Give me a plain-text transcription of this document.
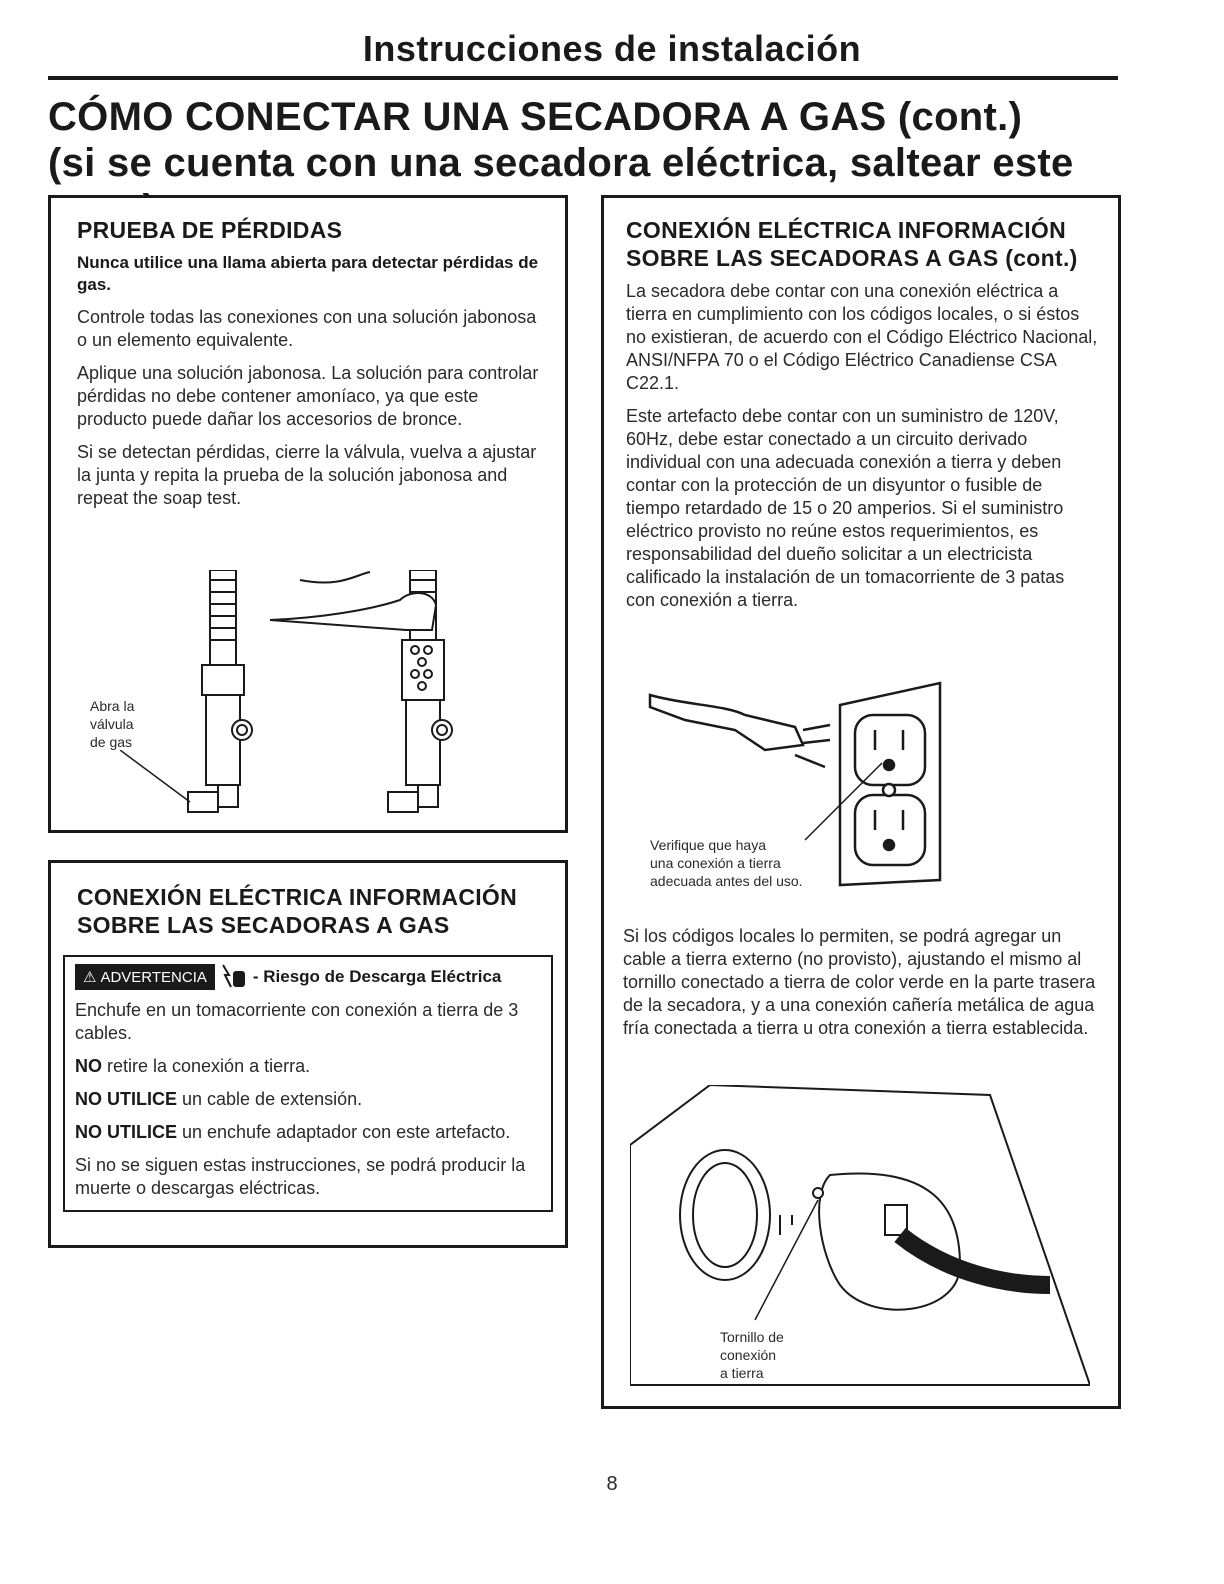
Instrucciones de instalación
CÓMO CONECTAR UNA SECADORA A GAS (cont.)
(si se cuenta con una secadora eléctrica, saltear este
PRUEBA DE PÉRDIDAS
Nunca utilice una llama abierta para detectar pérdidas de gas.

Controle todas las conexiones con una solución jabonosa o un elemento equivalente.

Aplique una solución jabonosa. La solución para controlar pérdidas no debe contener amoníaco, ya que este producto puede dañar los accesorios de bronce.

Si se detectan pérdidas, cierre la válvula, vuelva a ajustar la junta y repita la prueba de la solución jabonosa and repeat the soap test.

Abra la
válvula
de gas
CONEXIÓN ELÉCTRICA INFORMACIÓN
SOBRE LAS SECADORAS A GAS
⚠ ADVERTENCIA	- Riesgo de Descarga Eléctrica

Enchufe en un tomacorriente con conexión a tierra de 3 cables.

NO retire la conexión a tierra.

NO UTILICE un cable de extensión.

NO UTILICE un enchufe adaptador con este artefacto.

Si no se siguen estas instrucciones, se podrá producir la muerte o descargas eléctricas.

CONEXIÓN ELÉCTRICA INFORMACIÓN
SOBRE LAS SECADORAS A GAS (cont.)

La secadora debe contar con una conexión eléctrica a tierra en cumplimiento con los códigos locales, o si éstos no existieran, de acuerdo con el Código Eléctrico Nacional, ANSI/NFPA 70 o el Código Eléctrico Canadiense CSA C22.1.

Este artefacto debe contar con un suministro de 120V, 60Hz, debe estar conectado a un circuito derivado individual con una adecuada conexión a tierra y deben contar con la protección de un disyuntor o fusible de tiempo retardado de 15 o 20 amperios. Si el suministro eléctrico provisto no reúne estos requerimientos, es responsabilidad del dueño solicitar a un electricista calificado la instalación de un tomacorriente de 3 patas con conexión a tierra.

Verifique que haya
una conexión a tierra
adecuada antes del uso.

Si los códigos locales lo permiten, se podrá agregar un cable a tierra externo (no provisto), ajustando el mismo al tornillo conectado a tierra de color verde en la parte trasera de la secadora, y a una conexión cañería metálica de agua fría conectada a tierra u otra conexión a tierra establecida.

Tornillo de
conexión
a tierra
8
